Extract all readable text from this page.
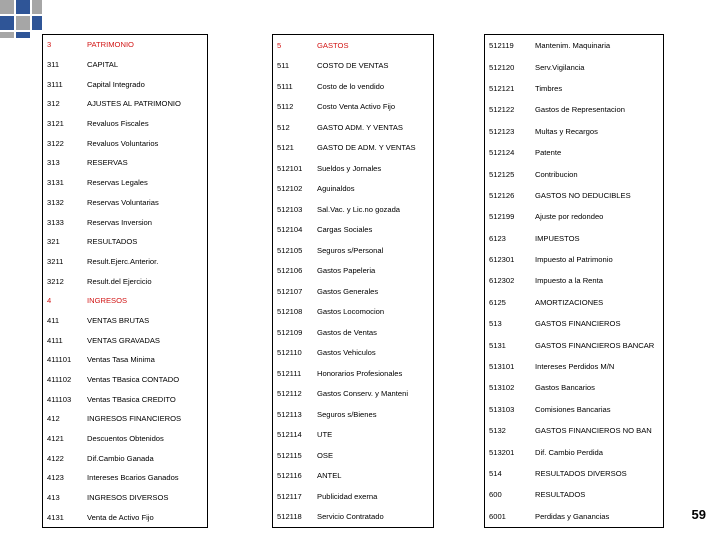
3	PATRIMONIO
311	CAPITAL
3111	Capital Integrado
312	AJUSTES AL PATRIMONIO
3121	Revaluos Fiscales
3122	Revaluos Voluntarios
313	RESERVAS
3131	Reservas Legales
3132	Reservas Voluntarias
3133	Reservas Inversion
321	RESULTADOS
3211	Result.Ejerc.Anterior.
3212	Result.del Ejercicio
4	INGRESOS
411	VENTAS BRUTAS
4111	VENTAS GRAVADAS
411101	Ventas Tasa Minima
411102	Ventas TBasica CONTADO
411103	Ventas TBasica CREDITO
412	INGRESOS FINANCIEROS
4121	Descuentos Obtenidos
4122	Dif.Cambio Ganada
4123	Intereses Bcarios Ganados
413	INGRESOS DIVERSOS
4131	Venta de Activo Fijo
5	GASTOS
511	COSTO DE VENTAS
5111	Costo de lo vendido
5112	Costo Venta Activo Fijo
512	GASTO ADM. Y VENTAS
5121	GASTO DE ADM. Y VENTAS
512101	Sueldos y Jornales
512102	Aguinaldos
512103	Sal.Vac. y Lic.no gozada
512104	Cargas Sociales
512105	Seguros s/Personal
512106	Gastos Papeleria
512107	Gastos Generales
512108	Gastos Locomocion
512109	Gastos de Ventas
512110	Gastos Vehiculos
512111	Honorarios Profesionales
512112	Gastos Conserv. y Manteni
512113	Seguros s/Bienes
512114	UTE
512115	OSE
512116	ANTEL
512117	Publicidad exerna
512118	Servicio Contratado
512119	Mantenim. Maquinaria
512120	Serv.Vigilancia
512121	Timbres
512122	Gastos de Representacion
512123	Multas y Recargos
512124	Patente
512125	Contribucion
512126	GASTOS NO DEDUCIBLES
512199	Ajuste por redondeo
6123	IMPUESTOS
612301	Impuesto al Patrimonio
612302	Impuesto a la Renta
6125	AMORTIZACIONES
513	GASTOS FINANCIEROS
5131	GASTOS FINANCIEROS BANCAR
513101	Intereses Perdidos M/N
513102	Gastos Bancarios
513103	Comisiones Bancarias
5132	GASTOS FINANCIEROS NO BAN
513201	Dif. Cambio Perdida
514	RESULTADOS DIVERSOS
600	RESULTADOS
6001	Perdidas y Ganancias	59
